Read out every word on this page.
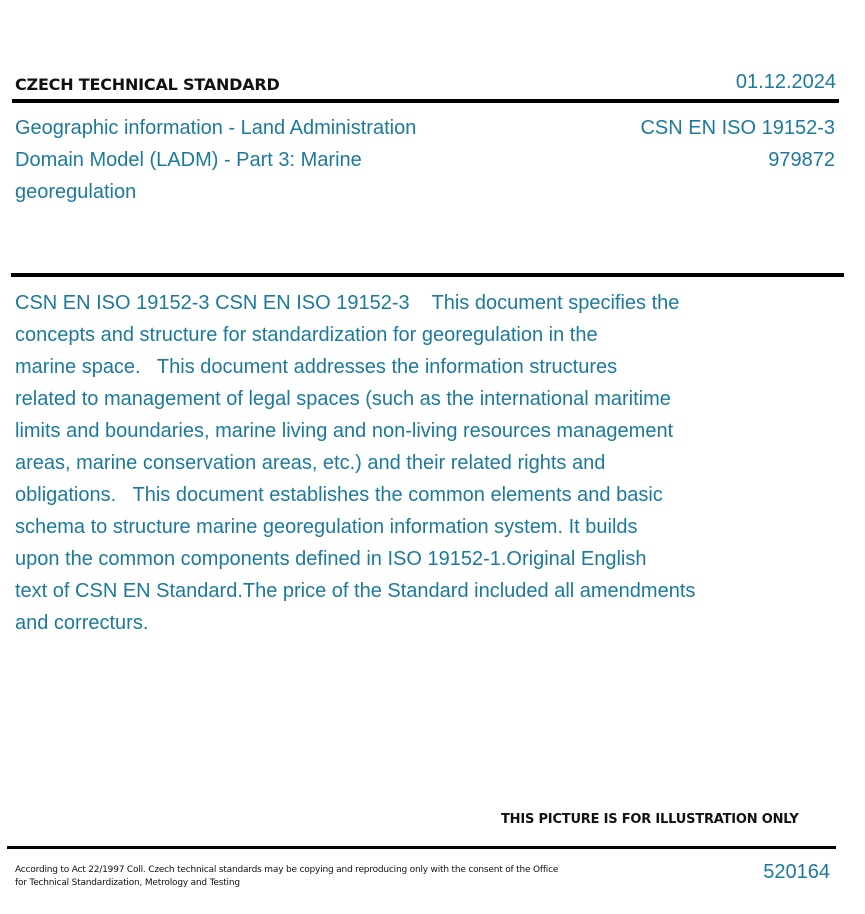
CZECH TECHNICAL STANDARD	01.12.2024
Geographic information - Land Administration
Domain Model (LADM) - Part 3: Marine
georegulation
CSN EN ISO 19152-3
979872
CSN EN ISO 19152-3 CSN EN ISO 19152-3    This document specifies the
concepts and structure for standardization for georegulation in the
marine space.   This document addresses the information structures
related to management of legal spaces (such as the international maritime
limits and boundaries, marine living and non-living resources management
areas, marine conservation areas, etc.) and their related rights and
obligations.   This document establishes the common elements and basic
schema to structure marine georegulation information system. It builds
upon the common components defined in ISO 19152-1.Original English
text of CSN EN Standard.The price of the Standard included all amendments
and correcturs.
THIS PICTURE IS FOR ILLUSTRATION ONLY
According to Act 22/1997 Coll. Czech technical standards may be copying and reproducing only with the consent of the Office
for Technical Standardization, Metrology and Testing	520164
